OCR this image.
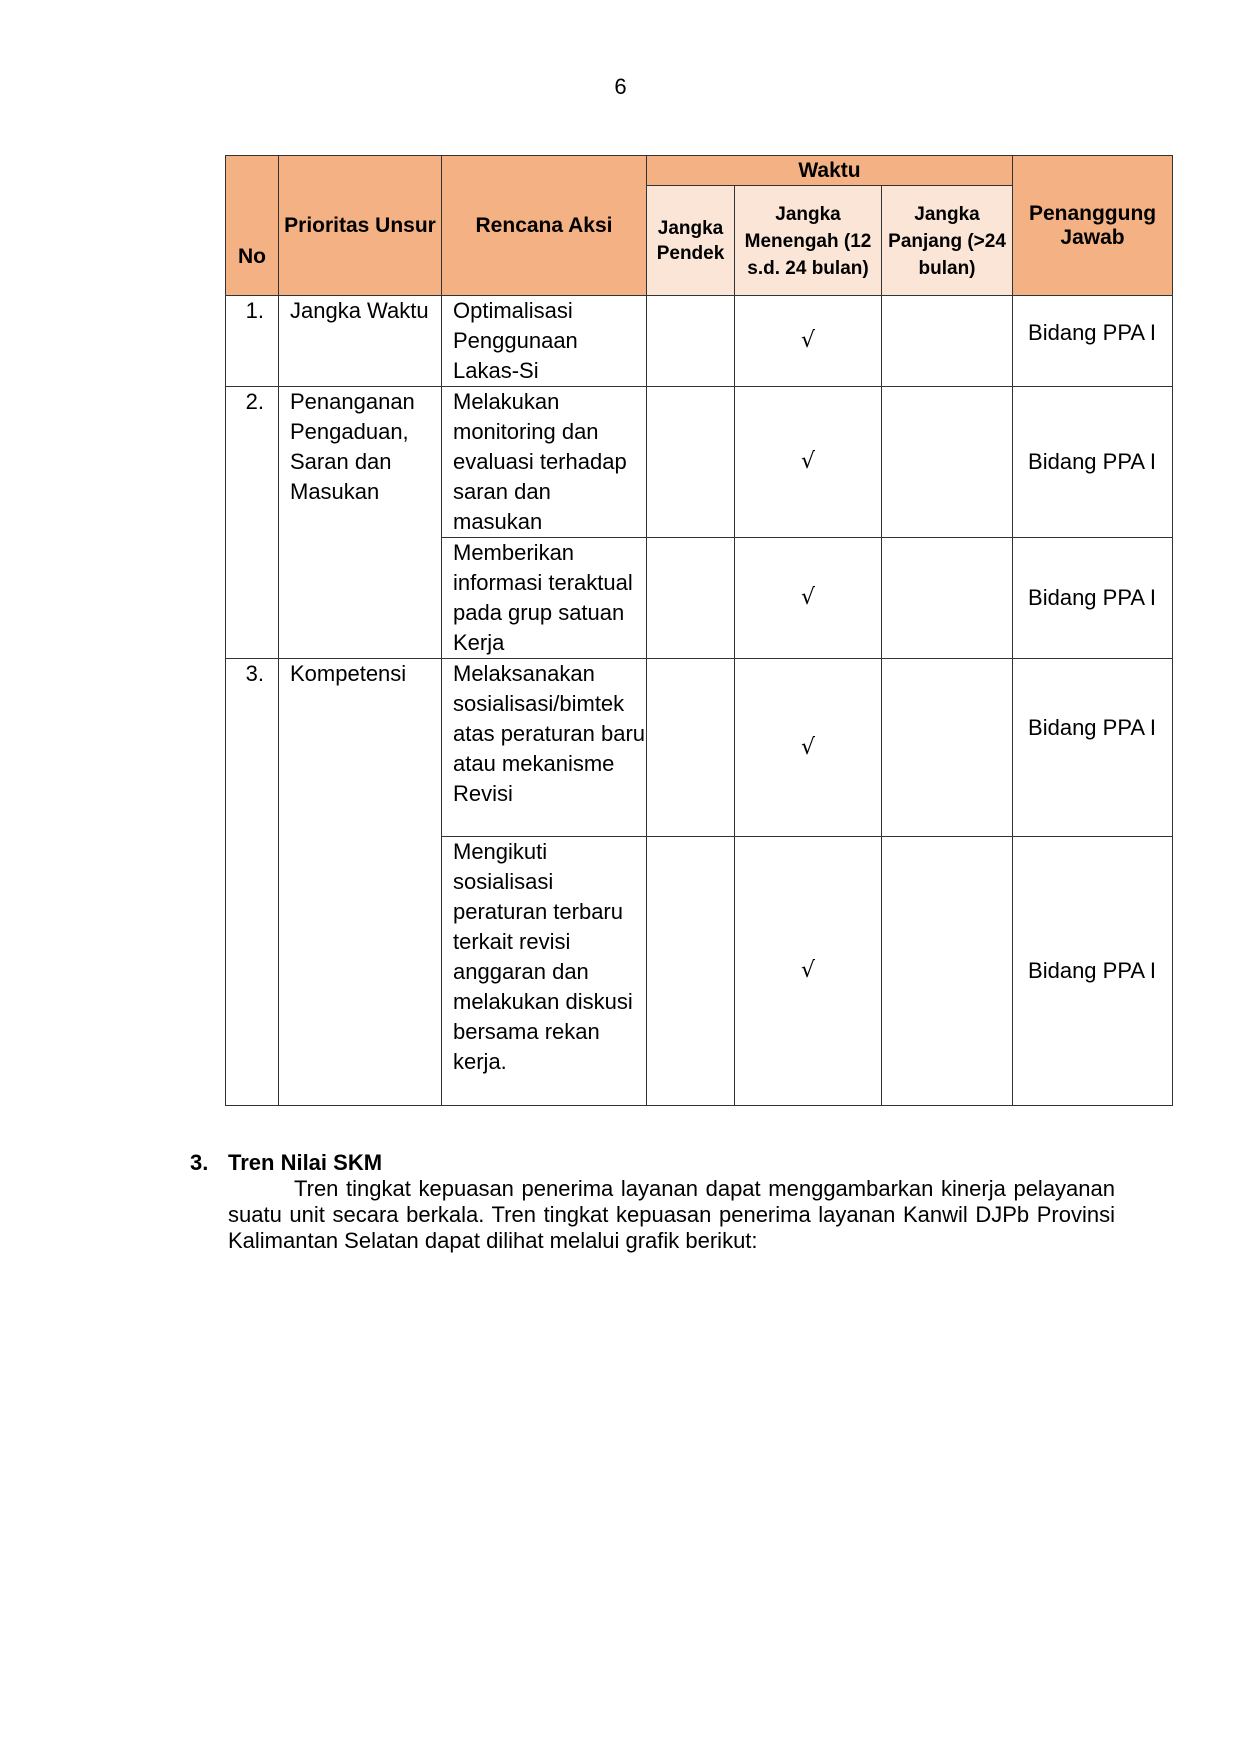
6
No	Prioritas Unsur	Rencana Aksi	Waktu			Penanggung Jawab
			Jangka Pendek	Jangka Menengah (12 s.d. 24 bulan)	Jangka Panjang (>24 bulan)	
1.	Jangka Waktu	Optimalisasi Penggunaan Lakas-Si		√		Bidang PPA I
2.	Penanganan Pengaduan, Saran dan Masukan	Melakukan monitoring dan evaluasi terhadap saran dan masukan		√		Bidang PPA I
		Memberikan informasi teraktual pada grup satuan Kerja		√		Bidang PPA I
3.	Kompetensi	Melaksanakan sosialisasi/bimtek atas peraturan baru atau mekanisme Revisi		√		Bidang PPA I
		Mengikuti sosialisasi peraturan terbaru terkait revisi anggaran dan melakukan diskusi bersama rekan kerja.		√		Bidang PPA I
3. Tren Nilai SKM
Tren tingkat kepuasan penerima layanan dapat menggambarkan kinerja pelayanan suatu unit secara berkala. Tren tingkat kepuasan penerima layanan Kanwil DJPb Provinsi Kalimantan Selatan dapat dilihat melalui grafik berikut:
